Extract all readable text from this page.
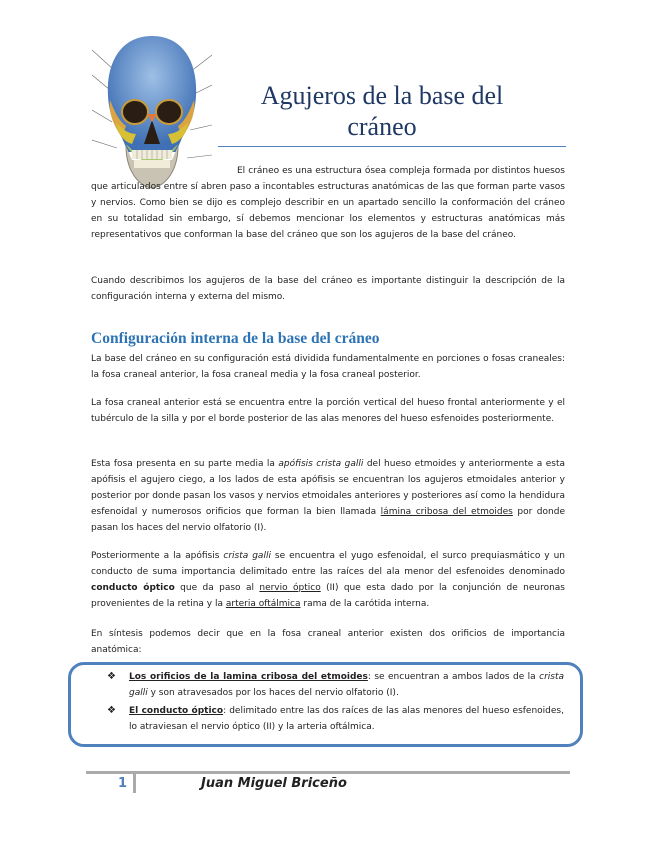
Agujeros de la base del
cráneo

El cráneo es una estructura ósea compleja formada por distintos huesos que articulados entre sí abren paso a incontables estructuras anatómicas de las que forman parte vasos y nervios. Como bien se dijo es complejo describir en un apartado sencillo la conformación del cráneo en su totalidad sin embargo, sí debemos mencionar los elementos y estructuras anatómicas más representativos que conforman la base del cráneo que son los agujeros de la base del cráneo.

Cuando describimos los agujeros de la base del cráneo es importante distinguir la descripción de la configuración interna y externa del mismo.

Configuración interna de la base del cráneo

La base del cráneo en su configuración está dividida fundamentalmente en porciones o fosas craneales: la fosa craneal anterior, la fosa craneal media y la fosa craneal posterior.

La fosa craneal anterior está se encuentra entre la porción vertical del hueso frontal anteriormente y el tubérculo de la silla y por el borde posterior de las alas menores del hueso esfenoides posteriormente.

Esta fosa presenta en su parte media la apófisis crista galli del hueso etmoides y anteriormente a esta apófisis el agujero ciego, a los lados de esta apófisis se encuentran los agujeros etmoidales anterior y posterior por donde pasan los vasos y nervios etmoidales anteriores y posteriores así como la hendidura esfenoidal y numerosos orificios que forman la bien llamada lámina cribosa del etmoides por donde pasan los haces del nervio olfatorio (I).

Posteriormente a la apófisis crista galli se encuentra el yugo esfenoidal, el surco prequiasmático y un conducto de suma importancia delimitado entre las raíces del ala menor del esfenoides denominado conducto óptico que da paso al nervio óptico (II) que esta dado por la conjunción de neuronas provenientes de la retina y la arteria oftálmica rama de la carótida interna.

En síntesis podemos decir que en la fosa craneal anterior existen dos orificios de importancia anatómica:

❖	Los orificios de la lamina cribosa del etmoides: se encuentran a ambos lados de la crista galli y son atravesados por los haces del nervio olfatorio (I).

❖	El conducto óptico: delimitado entre las dos raíces de las alas menores del hueso esfenoides, lo atraviesan el nervio óptico (II) y la arteria oftálmica.

1	Juan Miguel Briceño
